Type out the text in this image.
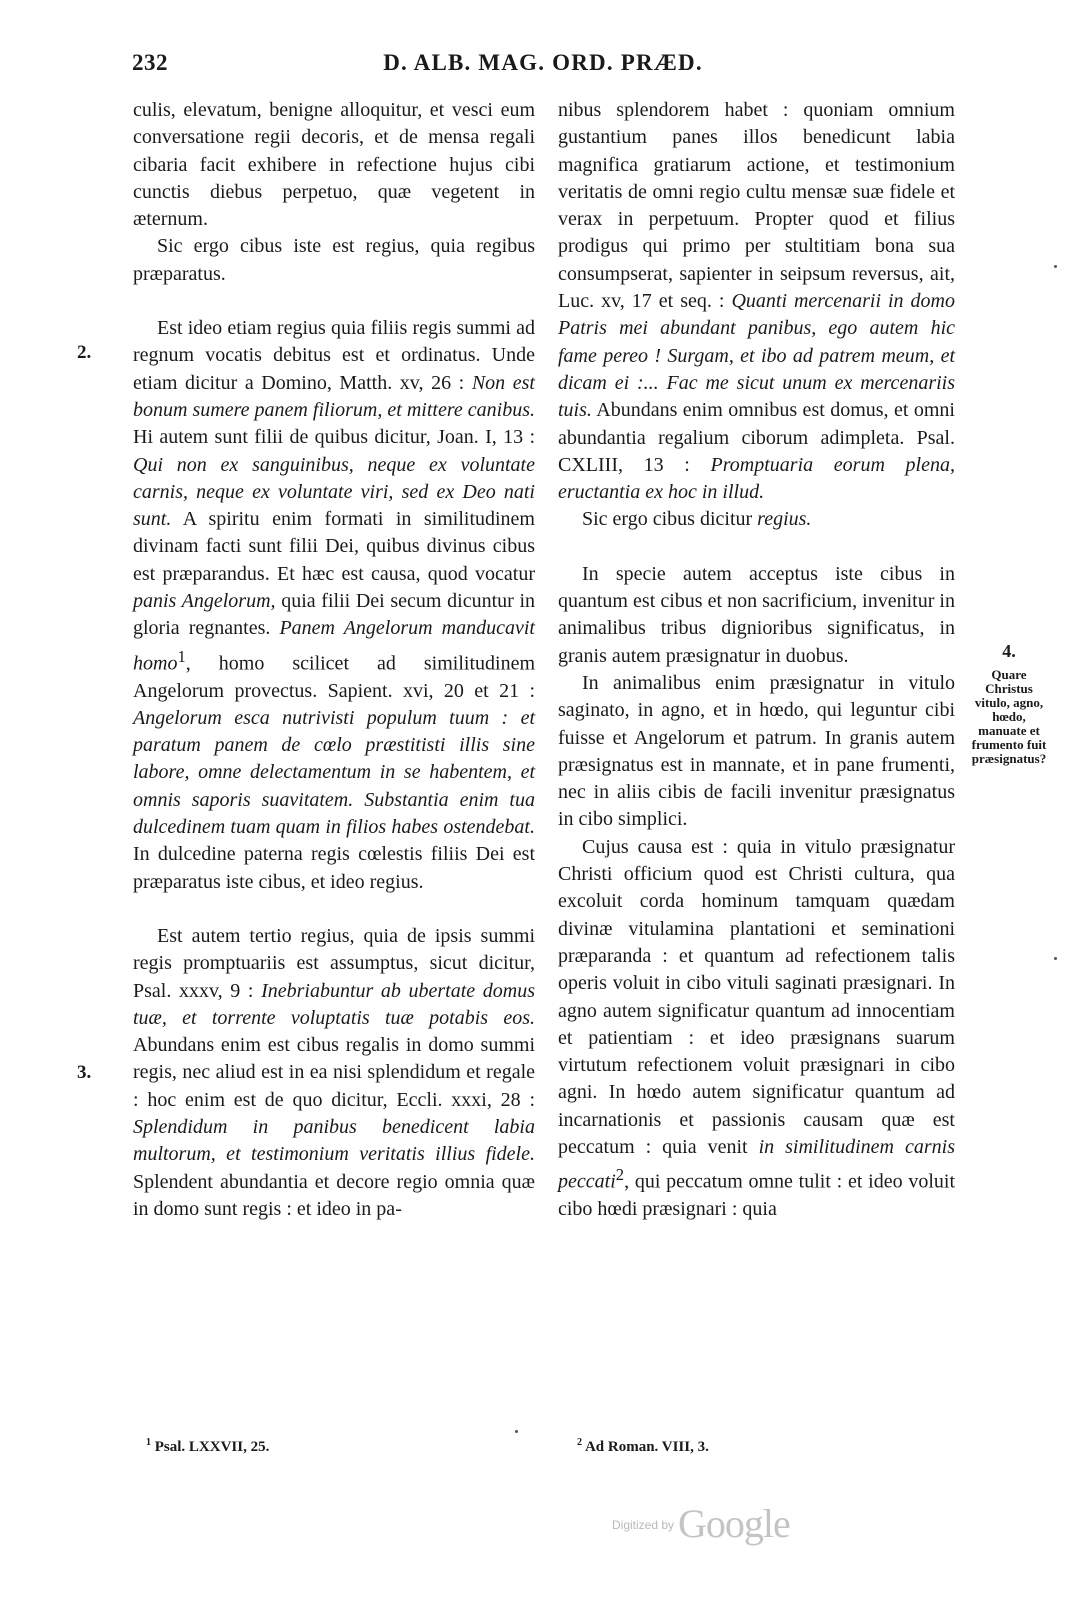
232	D. ALB. MAG. ORD. PRÆD.
2.
3.

culis, elevatum, benigne alloquitur, et vesci eum conversatione regii decoris, et de mensa regali cibaria facit exhibere in refectione hujus cibi cunctis diebus perpetuo, quæ vegetent in æternum.

Sic ergo cibus iste est regius, quia regibus præparatus.

Est ideo etiam regius quia filiis regis summi ad regnum vocatis debitus est et ordinatus. Unde etiam dicitur a Domino, Matth. xv, 26 : Non est bonum sumere panem filiorum, et mittere canibus. Hi autem sunt filii de quibus dicitur, Joan. I, 13 : Qui non ex sanguinibus, neque ex voluntate carnis, neque ex voluntate viri, sed ex Deo nati sunt. A spiritu enim formati in similitudinem divinam facti sunt filii Dei, quibus divinus cibus est præparandus. Et hæc est causa, quod vocatur panis Angelorum, quia filii Dei secum dicuntur in gloria regnantes. Panem Angelorum manducavit homo$^1$, homo scilicet ad similitudinem Angelorum provectus. Sapient. xvi, 20 et 21 : Angelorum esca nutrivisti populum tuum : et paratum panem de cœlo præstitisti illis sine labore, omne delectamentum in se habentem, et omnis saporis suavitatem. Substantia enim tua dulcedinem tuam quam in filios habes ostendebat. In dulcedine paterna regis cœlestis filiis Dei est præparatus iste cibus, et ideo regius.

Est autem tertio regius, quia de ipsis summi regis promptuariis est assumptus, sicut dicitur, Psal. xxxv, 9 : Inebriabuntur ab ubertate domus tuæ, et torrente voluptatis tuæ potabis eos. Abundans enim est cibus regalis in domo summi regis, nec aliud est in ea nisi splendidum et regale : hoc enim est de quo dicitur, Eccli. xxxi, 28 : Splendidum in panibus benedicent labia multorum, et testimonium veritatis illius fidele. Splendent abundantia et decore regio omnia quæ in domo sunt regis : et ideo in pa-

nibus splendorem habet : quoniam omnium gustantium panes illos benedicunt labia magnifica gratiarum actione, et testimonium veritatis de omni regio cultu mensæ suæ fidele et verax in perpetuum. Propter quod et filius prodigus qui primo per stultitiam bona sua consumpserat, sapienter in seipsum reversus, ait, Luc. xv, 17 et seq. : Quanti mercenarii in domo Patris mei abundant panibus, ego autem hic fame pereo ! Surgam, et ibo ad patrem meum, et dicam ei :... Fac me sicut unum ex mercenariis tuis. Abundans enim omnibus est domus, et omni abundantia regalium ciborum adimpleta. Psal. CXLIII, 13 : Promptuaria eorum plena, eructantia ex hoc in illud.

Sic ergo cibus dicitur regius.

In specie autem acceptus iste cibus in quantum est cibus et non sacrificium, invenitur in animalibus tribus dignioribus significatus, in granis autem præsignatur in duobus.

In animalibus enim præsignatur in vitulo saginato, in agno, et in hœdo, qui leguntur cibi fuisse et Angelorum et patrum. In granis autem præsignatus est in mannate, et in pane frumenti, nec in aliis cibis de facili invenitur præsignatus in cibo simplici.

Cujus causa est : quia in vitulo præsignatur Christi officium quod est Christi cultura, qua excoluit corda hominum tamquam quædam divinæ vitulamina plantationi et seminationi præparanda : et quantum ad refectionem talis operis voluit in cibo vituli saginati præsignari. In agno autem significatur quantum ad innocentiam et patientiam : et ideo præsignans suarum virtutum refectionem voluit præsignari in cibo agni. In hœdo autem significatur quantum ad incarnationis et passionis causam quæ est peccatum : quia venit in similitudinem carnis peccati$^2$, qui peccatum omne tulit : et ideo voluit cibo hœdi præsignari : quia

4.
Quare Christus vitulo, agno, hœdo, manuate et frumento fuit præsignatus?
$^1$ Psal. LXXVII, 25.	$^2$ Ad Roman. VIII, 3.
$^{Digitized by}$ Google
